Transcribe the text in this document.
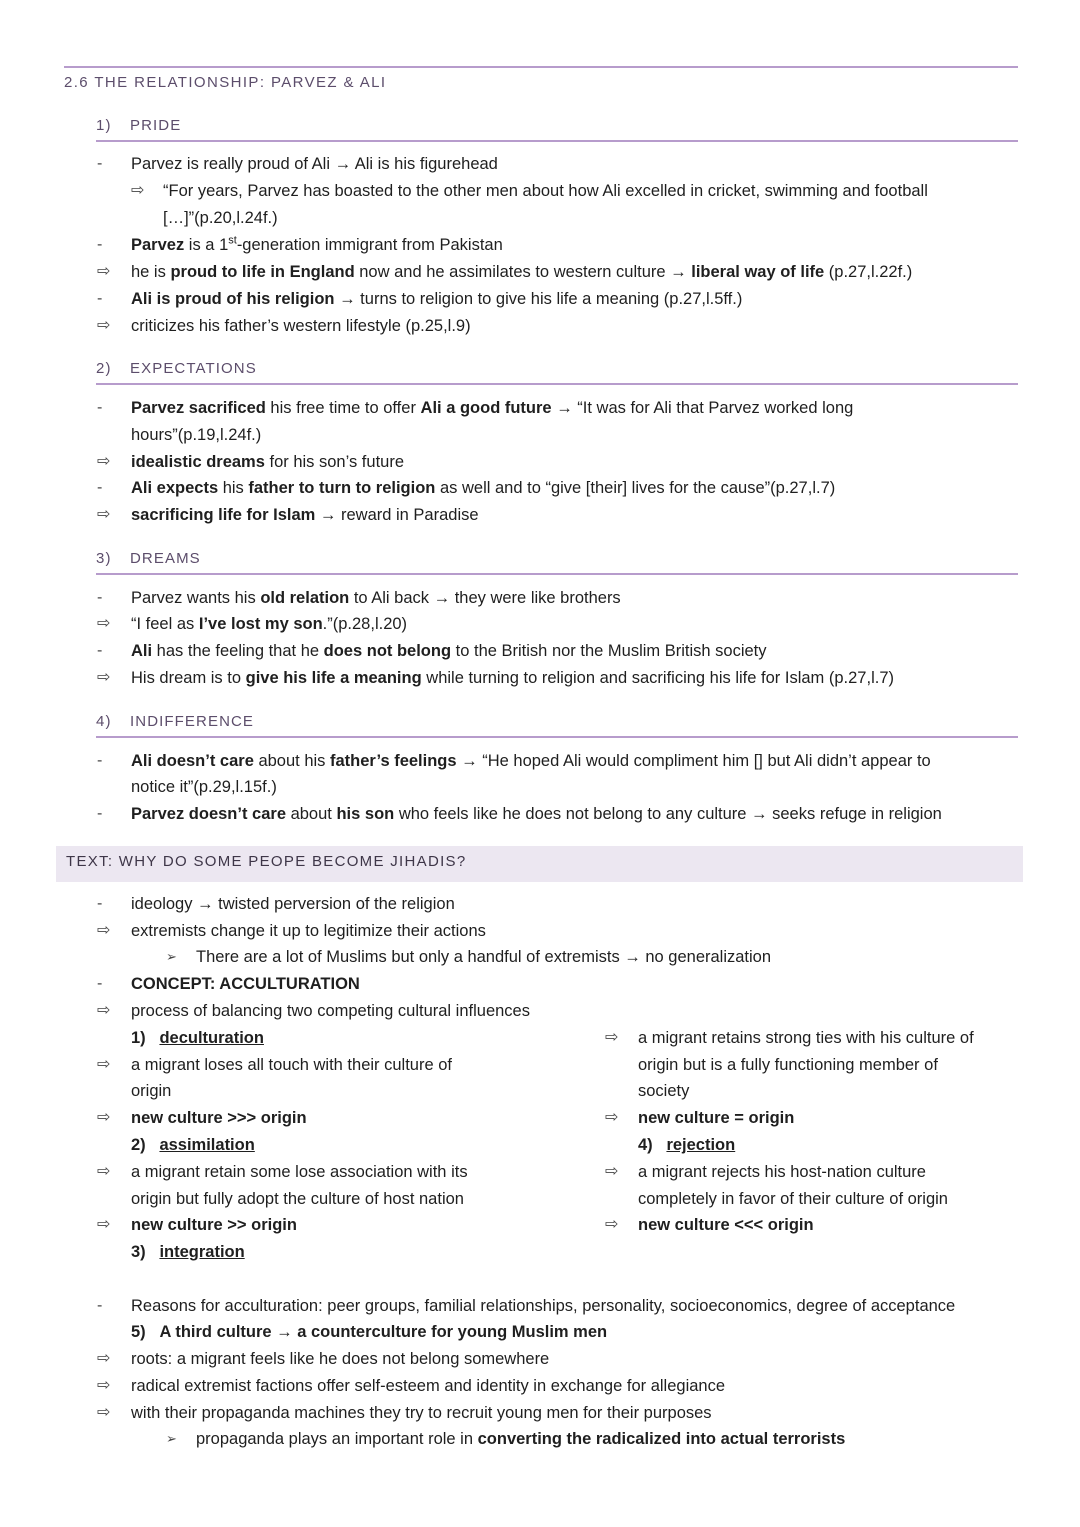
2.6 THE RELATIONSHIP: PARVEZ & ALI
1) PRIDE
- Parvez is really proud of Ali → Ali is his figurehead
⇨ “For years, Parvez has boasted to the other men about how Ali excelled in cricket, swimming and football
[…]”(p.20,l.24f.)
- Parvez is a 1st-generation immigrant from Pakistan
⇨ he is proud to life in England now and he assimilates to western culture → liberal way of life (p.27,l.22f.)
- Ali is proud of his religion → turns to religion to give his life a meaning (p.27,l.5ff.)
⇨ criticizes his father’s western lifestyle (p.25,l.9)
2) EXPECTATIONS
- Parvez sacrificed his free time to offer Ali a good future → “It was for Ali that Parvez worked long
hours”(p.19,l.24f.)
⇨ idealistic dreams for his son’s future
- Ali expects his father to turn to religion as well and to “give [their] lives for the cause”(p.27,l.7)
⇨ sacrificing life for Islam → reward in Paradise
3) DREAMS
- Parvez wants his old relation to Ali back → they were like brothers
⇨ “I feel as I’ve lost my son.”(p.28,l.20)
- Ali has the feeling that he does not belong to the British nor the Muslim British society
⇨ His dream is to give his life a meaning while turning to religion and sacrificing his life for Islam (p.27,l.7)
4) INDIFFERENCE
- Ali doesn’t care about his father’s feelings → “He hoped Ali would compliment him [] but Ali didn’t appear to
notice it”(p.29,l.15f.)
- Parvez doesn’t care about his son who feels like he does not belong to any culture → seeks refuge in religion
TEXT: WHY DO SOME PEOPE BECOME JIHADIS?
- ideology → twisted perversion of the religion
⇨ extremists change it up to legitimize their actions
➢ There are a lot of Muslims but only a handful of extremists → no generalization
- CONCEPT: ACCULTURATION
⇨ process of balancing two competing cultural influences
1) deculturation
⇨ a migrant loses all touch with their culture of
origin
⇨ new culture >>> origin
2) assimilation
⇨ a migrant retain some lose association with its
origin but fully adopt the culture of host nation
⇨ new culture >> origin
3) integration
⇨ a migrant retains strong ties with his culture of
origin but is a fully functioning member of
society
⇨ new culture = origin
4) rejection
⇨ a migrant rejects his host-nation culture
completely in favor of their culture of origin
⇨ new culture <<< origin
- Reasons for acculturation: peer groups, familial relationships, personality, socioeconomics, degree of acceptance
5) A third culture → a counterculture for young Muslim men
⇨ roots: a migrant feels like he does not belong somewhere
⇨ radical extremist factions offer self-esteem and identity in exchange for allegiance
⇨ with their propaganda machines they try to recruit young men for their purposes
➢ propaganda plays an important role in converting the radicalized into actual terrorists
